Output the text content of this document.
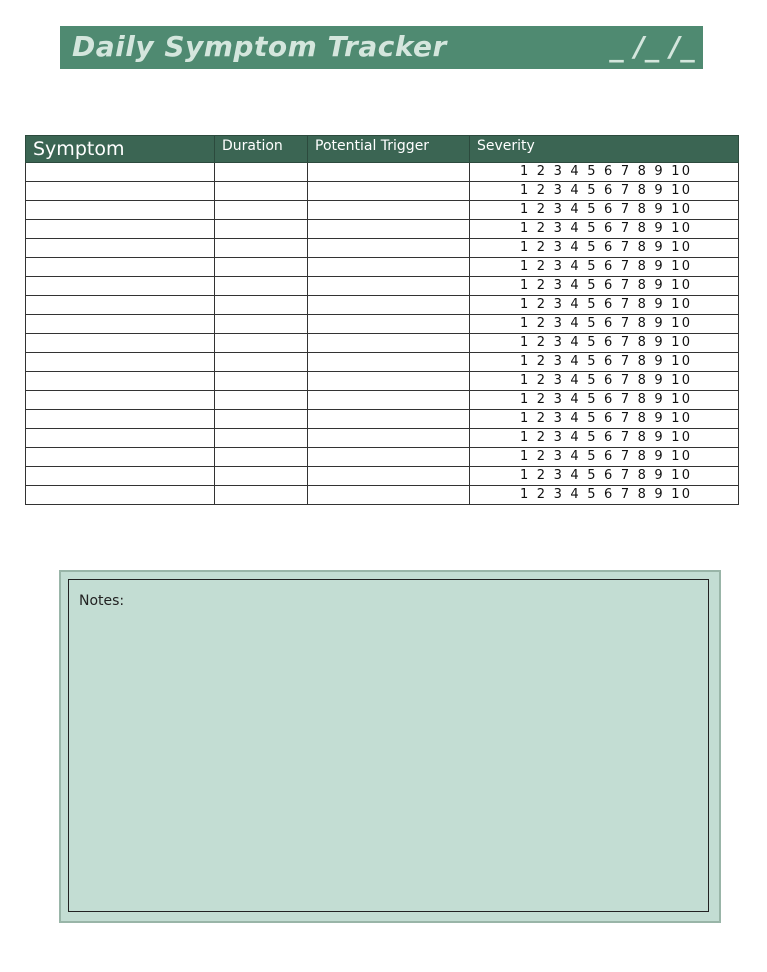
Daily Symptom Tracker	_ /_ /_
Symptom	Duration	Potential Trigger	Severity
			1 2 3 4 5 6 7 8 9 10
			1 2 3 4 5 6 7 8 9 10
			1 2 3 4 5 6 7 8 9 10
			1 2 3 4 5 6 7 8 9 10
			1 2 3 4 5 6 7 8 9 10
			1 2 3 4 5 6 7 8 9 10
			1 2 3 4 5 6 7 8 9 10
			1 2 3 4 5 6 7 8 9 10
			1 2 3 4 5 6 7 8 9 10
			1 2 3 4 5 6 7 8 9 10
			1 2 3 4 5 6 7 8 9 10
			1 2 3 4 5 6 7 8 9 10
			1 2 3 4 5 6 7 8 9 10
			1 2 3 4 5 6 7 8 9 10
			1 2 3 4 5 6 7 8 9 10
			1 2 3 4 5 6 7 8 9 10
			1 2 3 4 5 6 7 8 9 10
			1 2 3 4 5 6 7 8 9 10
Notes:
